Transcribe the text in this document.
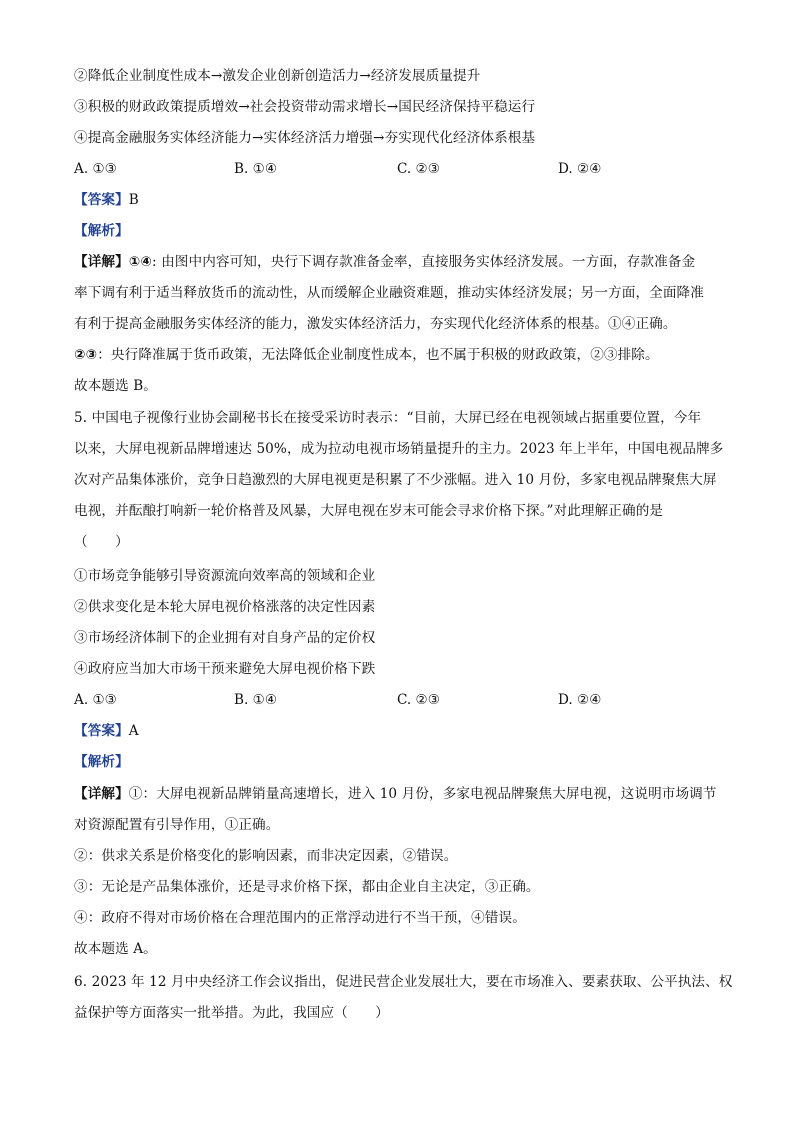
②降低企业制度性成本→激发企业创新创造活力→经济发展质量提升
③积极的财政政策提质增效→社会投资带动需求增长→国民经济保持平稳运行
④提高金融服务实体经济能力→实体经济活力增强→夯实现代化经济体系根基
A. ①③	B. ①④	C. ②③	D. ②④
【答案】B
【解析】
【详解】①④: 由图中内容可知，央行下调存款准备金率，直接服务实体经济发展。一方面，存款准备金
率下调有利于适当释放货币的流动性，从而缓解企业融资难题，推动实体经济发展；另一方面，全面降准
有利于提高金融服务实体经济的能力，激发实体经济活力，夯实现代化经济体系的根基。①④正确。
②③：央行降准属于货币政策，无法降低企业制度性成本，也不属于积极的财政政策，②③排除。
故本题选 B。
5. 中国电子视像行业协会副秘书长在接受采访时表示：“目前，大屏已经在电视领域占据重要位置，今年
以来，大屏电视新品牌增速达 50%，成为拉动电视市场销量提升的主力。2023 年上半年，中国电视品牌多
次对产品集体涨价，竞争日趋激烈的大屏电视更是积累了不少涨幅。进入 10 月份，多家电视品牌聚焦大屏
电视，并酝酿打响新一轮价格普及风暴，大屏电视在岁末可能会寻求价格下探。”对此理解正确的是
（　　）
①市场竞争能够引导资源流向效率高的领域和企业
②供求变化是本轮大屏电视价格涨落的决定性因素
③市场经济体制下的企业拥有对自身产品的定价权
④政府应当加大市场干预来避免大屏电视价格下跌
A. ①③	B. ①④	C. ②③	D. ②④
【答案】A
【解析】
【详解】①：大屏电视新品牌销量高速增长，进入 10 月份，多家电视品牌聚焦大屏电视，这说明市场调节
对资源配置有引导作用，①正确。
②：供求关系是价格变化的影响因素，而非决定因素，②错误。
③：无论是产品集体涨价，还是寻求价格下探，都由企业自主决定，③正确。
④：政府不得对市场价格在合理范围内的正常浮动进行不当干预，④错误。
故本题选 A。
6. 2023 年 12 月中央经济工作会议指出，促进民营企业发展壮大，要在市场准入、要素获取、公平执法、权
益保护等方面落实一批举措。为此，我国应（　　）
